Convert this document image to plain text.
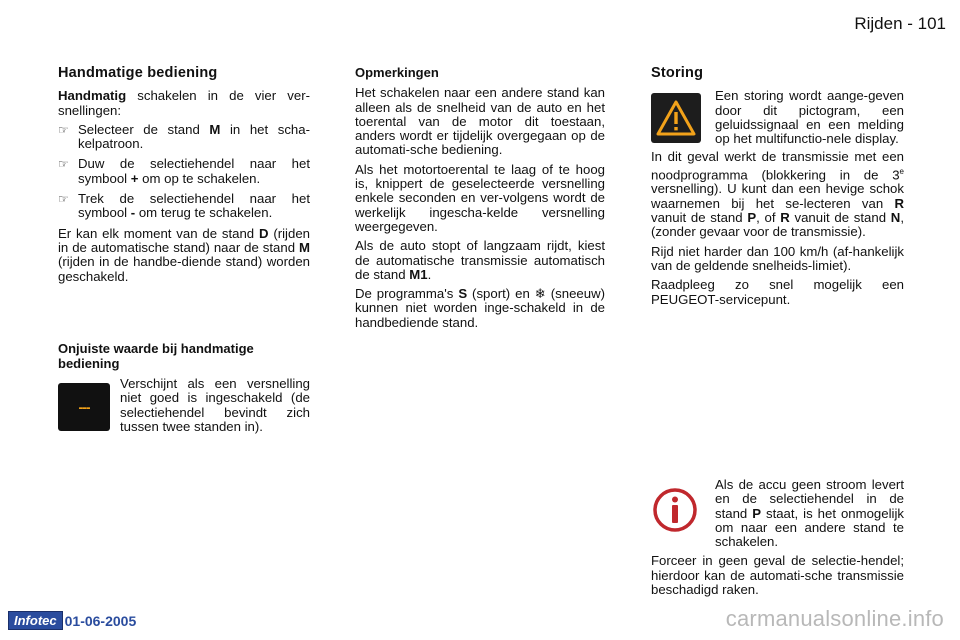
Rijden - 101
Handmatige bediening

Handmatig schakelen in de vier ver-snellingen:

☞ Selecteer de stand M in het scha-kelpatroon.
☞ Duw de selectiehendel naar het symbool + om op te schakelen.
☞ Trek de selectiehendel naar het symbool - om terug te schakelen.

Er kan elk moment van de stand D (rijden in de automatische stand) naar de stand M (rijden in de handbe-diende stand) worden geschakeld.

Onjuiste waarde bij handmatige bediening
---
Verschijnt als een versnelling niet goed is ingeschakeld (de selectiehendel bevindt zich tussen twee standen in).
Opmerkingen

Het schakelen naar een andere stand kan alleen als de snelheid van de auto en het toerental van de motor dit toestaan, anders wordt er tijdelijk overgegaan op de automati-sche bediening.

Als het motortoerental te laag of te hoog is, knippert de geselecteerde versnelling enkele seconden en ver-volgens wordt de werkelijk ingescha-kelde versnelling weergegeven.

Als de auto stopt of langzaam rijdt, kiest de automatische transmissie automatisch de stand M1.

De programma's S (sport) en ❄ (sneeuw) kunnen niet worden inge-schakeld in de handbediende stand.

Storing
Een storing wordt aange-geven door dit pictogram, een geluidssignaal en een melding op het multifunctio-nele display.

In dit geval werkt de transmissie met een noodprogramma (blokkering in de 3e versnelling). U kunt dan een hevige schok waarnemen bij het se-lecteren van R vanuit de stand P, of R vanuit de stand N, (zonder gevaar voor de transmissie).

Rijd niet harder dan 100 km/h (af-hankelijk van de geldende snelheids-limiet).

Raadpleeg zo snel mogelijk een PEUGEOT-servicepunt.

Als de accu geen stroom levert en de selectiehendel in de stand P staat, is het onmogelijk om naar een andere stand te schakelen.

Forceer in geen geval de selectie-hendel; hierdoor kan de automati-sche transmissie beschadigd raken.

Infotec 01-06-2005	carmanualsonline.info
